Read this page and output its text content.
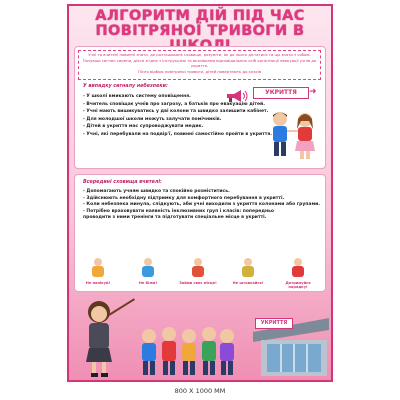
АЛГОРИТМ ДІЙ ПІД ЧАС
ПОВІТРЯНОЇ ТРИВОГИ В
Учні та вчителі повинні знати, де розташоване сховище, розуміти, як до нього дістатися та що взяти з собою.
Почувши сигнал сирени, діяти згідно з інструкцією та вказівками відповідальних осіб організації евакуації учнів до укриття.
Після відбою повітряної тривоги, дітей повертають до класів
У випадку сигналу небезпеки:
УКРИТТЯ	➜
- У школі вмикають систему оповіщення.
- Вчитель сповіщає учнів про загрозу, а батьків про евакуацію дітей.
- Учні мають вишикуватись у дві колони та швидко залишити кабінет.
- Для молодшої школи можуть залучати помічників.
- Дітей в укриття мас супроводжувати медик.
- Учні, які перебували на подвір'ї, повинні самостійно пройти в укриття.
Всередині сховища вчителі:
- Допомагають учням швидко та спокійно розміститись.
- Здійснюють необхідну підтримку для комфортного перебування в укритті.
- Коли небезпека минула, слідкують, аби учні виходили з укриття колонами або групами.
- Потрібно враховувати наявність інклюзивних груп і класів: попередньо
проводити з ними тренінги та підготувати спеціальне місце в укритті.
Не панікуй!	Не біжи!	Займи своє місце!	Не штовхайся!	Дотримуйся порядку!
УКРИТТЯ
800 X 1000 MM
